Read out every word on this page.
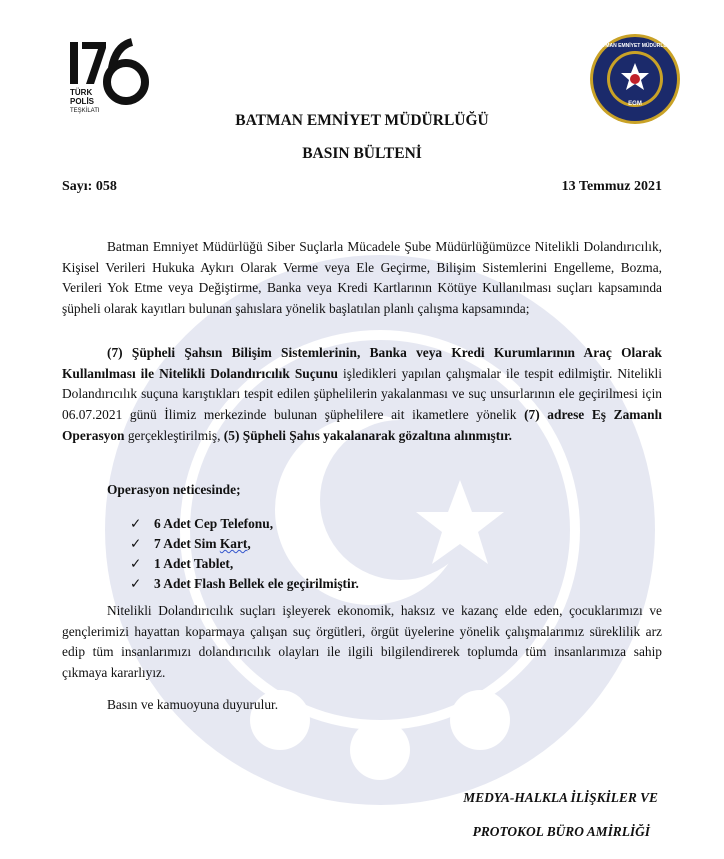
TÜRK
POLİS
TEŞKİLATI
EGM
BATMAN EMNİYET MÜDÜRLÜĞÜ
BATMAN EMNİYET MÜDÜRLÜĞÜ
BASIN BÜLTENİ
Sayı: 058	13 Temmuz 2021
Batman Emniyet Müdürlüğü Siber Suçlarla Mücadele Şube Müdürlüğümüzce Nitelikli Dolandırıcılık, Kişisel Verileri Hukuka Aykırı Olarak Verme veya Ele Geçirme, Bilişim Sistemlerini Engelleme, Bozma, Verileri Yok Etme veya Değiştirme, Banka veya Kredi Kartlarının Kötüye Kullanılması suçları kapsamında şüpheli olarak kayıtları bulunan şahıslara yönelik başlatılan planlı çalışma kapsamında;
(7) Şüpheli Şahsın Bilişim Sistemlerinin, Banka veya Kredi Kurumlarının Araç Olarak Kullanılması ile Nitelikli Dolandırıcılık Suçunu işledikleri yapılan çalışmalar ile tespit edilmiştir. Nitelikli Dolandırıcılık suçuna karıştıkları tespit edilen şüphelilerin yakalanması ve suç unsurlarının ele geçirilmesi için 06.07.2021 günü İlimiz merkezinde bulunan şüphelilere ait ikametlere yönelik (7) adrese Eş Zamanlı Operasyon gerçekleştirilmiş, (5) Şüpheli Şahıs yakalanarak gözaltına alınmıştır.
Operasyon neticesinde;
✓ 6 Adet Cep Telefonu,
✓ 7 Adet Sim Kart,
✓ 1 Adet Tablet,
✓ 3 Adet Flash Bellek ele geçirilmiştir.
Nitelikli Dolandırıcılık suçları işleyerek ekonomik, haksız ve kazanç elde eden, çocuklarımızı ve gençlerimizi hayattan koparmaya çalışan suç örgütleri, örgüt üyelerine yönelik çalışmalarımız süreklilik arz edip tüm insanlarımızı dolandırıcılık olayları ile ilgili bilgilendirerek toplumda tüm insanlarımıza sahip çıkmaya kararlıyız.
Basın ve kamuoyuna duyurulur.
MEDYA-HALKLA İLİŞKİLER VE
PROTOKOL BÜRO AMİRLİĞİ
